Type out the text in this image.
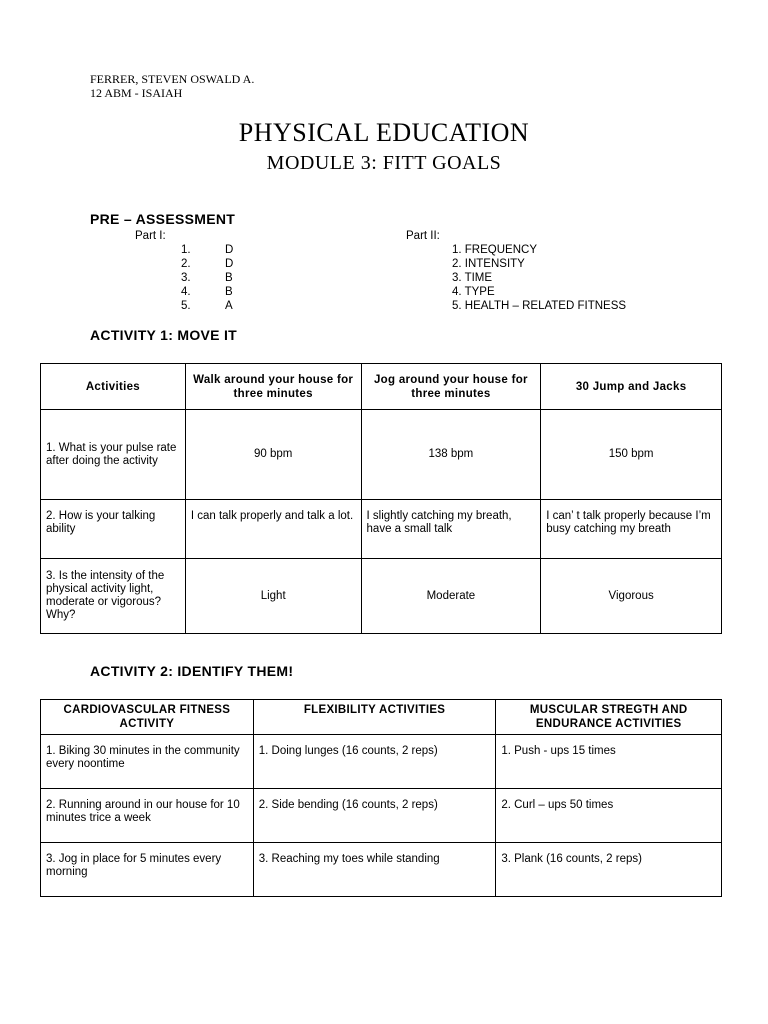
FERRER, STEVEN OSWALD A.
12 ABM - ISAIAH
PHYSICAL EDUCATION
MODULE 3: FITT GOALS
PRE – ASSESSMENT
Part I:	Part II:
1.	D
2.	D
3.	B
4.	B
5.	A
1. FREQUENCY
2. INTENSITY
3. TIME
4. TYPE
5. HEALTH – RELATED FITNESS
ACTIVITY 1: MOVE IT
Activities	Walk around your house for three minutes	Jog around your house for three minutes	30 Jump and Jacks
1. What is your pulse rate after doing the activity	90 bpm	138 bpm	150 bpm
2. How is your talking ability	I can talk properly and talk a lot.	I slightly catching my breath, have a small talk	I can’ t talk properly because I’m busy catching my breath
3. Is the intensity of the physical activity light, moderate or vigorous? Why?	Light	Moderate	Vigorous
ACTIVITY 2: IDENTIFY THEM!
CARDIOVASCULAR FITNESS ACTIVITY	FLEXIBILITY ACTIVITIES	MUSCULAR STREGTH AND ENDURANCE ACTIVITIES
1. Biking 30 minutes in the community every noontime	1. Doing lunges (16 counts, 2 reps)	1. Push - ups 15 times
2. Running around in our house for 10 minutes trice a week	2. Side bending (16 counts, 2 reps)	2. Curl – ups 50 times
3. Jog in place for 5 minutes every morning	3. Reaching my toes while standing	3. Plank (16 counts, 2 reps)
